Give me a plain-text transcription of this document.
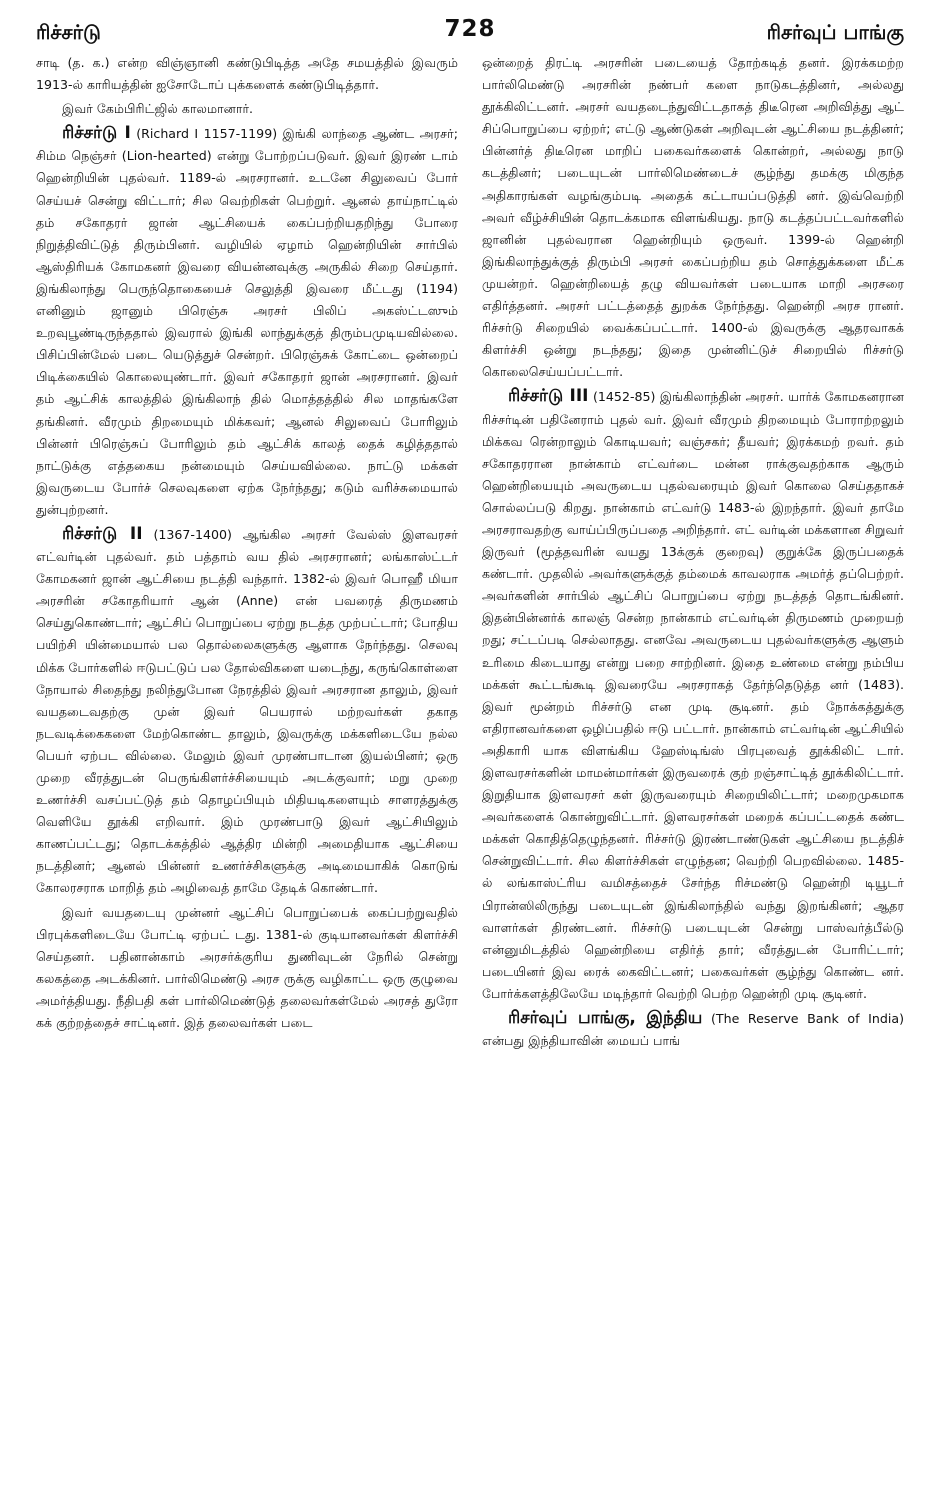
ரிச்சர்டு	728	ரிசர்வுப் பாங்கு

சாடி (த. க.) என்ற விஞ்ஞானி கண்டுபிடித்த அதே சமயத்தில் இவரும் 1913-ல் காரியத்தின் ஐசோடோப் புக்களைக் கண்டுபிடித்தார்.

இவர் கேம்பிரிட்ஜில் காலமானார்.

ரிச்சர்டு I (Richard I 1157-1199) இங்கி லாந்தை ஆண்ட அரசர்; சிம்ம நெஞ்சர் (Lion-hearted) என்று போற்றப்படுவர். இவர் இரண் டாம் ஹென்றியின் புதல்வர். 1189-ல் அரசரானர். உடனே சிலுவைப் போர் செய்யச் சென்று விட்டார்; சில வெற்றிகள் பெற்றுர். ஆனல் தாய்நாட்டில் தம் சகோதரர் ஜான் ஆட்சியைக் கைப்பற்றியதறிந்து போரை நிறுத்திவிட்டுத் திரும்பினர். வழியில் ஏழாம் ஹென்றியின் சார்பில் ஆஸ்திரியக் கோமகனர் இவரை வியன்னவுக்கு அருகில் சிறை செய்தார். இங்கிலாந்து பெருந்தொகையைச் செலுத்தி இவரை மீட்டது (1194) எனினும் ஜானும் பிரெஞ்சு அரசர் பிலிப் அகஸ்ட்டஸும் உறவுபூண்டிருந்ததால் இவரால் இங்கி லாந்துக்குத் திரும்பமுடியவில்லை. பிசிப்பின்மேல் படை யெடுத்துச் சென்றர். பிரெஞ்சுக் கோட்டை ஒன்றைப் பிடிக்கையில் கொலையுண்டார். இவர் சகோதரர் ஜான் அரசரானர். இவர் தம் ஆட்சிக் காலத்தில் இங்கிலாந் தில் மொத்தத்தில் சில மாதங்களே தங்கினர். வீரமும் திறமையும் மிக்கவர்; ஆனல் சிலுவைப் போரிலும் பின்னர் பிரெஞ்சுப் போரிலும் தம் ஆட்சிக் காலத் தைக் கழித்ததால் நாட்டுக்கு எத்தகைய நன்மையும் செய்யவில்லை. நாட்டு மக்கள் இவருடைய போர்ச் செலவுகளை ஏற்க நேர்ந்தது; கடும் வரிச்சுமையால் துன்புற்றனர்.

ரிச்சர்டு II (1367-1400) ஆங்கில அரசர் வேல்ஸ் இளவரசர் எட்வர்டின் புதல்வர். தம் பத்தாம் வய தில் அரசரானர்; லங்காஸ்ட்டர் கோமகனர் ஜான் ஆட்சியை நடத்தி வந்தார். 1382-ல் இவர் பொஹீ மியா அரசரின் சகோதரியார் ஆன் (Anne) என் பவரைத் திருமணம் செய்துகொண்டார்; ஆட்சிப் பொறுப்பை ஏற்று நடத்த முற்பட்டார்; போதிய பயிற்சி யின்மையால் பல தொல்லைகளுக்கு ஆளாக நேர்ந்தது. செலவு மிக்க போர்களில் ஈடுபட்டுப் பல தோல்விகளை யடைந்து, கருங்கொள்ளை நோயால் சிதைந்து நலிந்துபோன நேரத்தில் இவர் அரசரான தாலும், இவர் வயதடைவதற்கு முன் இவர் பெயரால் மற்றவர்கள் தகாத நடவடிக்கைகளை மேற்கொண்ட தாலும், இவருக்கு மக்களிடையே நல்ல பெயர் ஏற்பட வில்லை. மேலும் இவர் முரண்பாடான இயல்பினர்; ஒரு முறை வீரத்துடன் பெருங்கிளர்ச்சியையும் அடக்குவார்; மறு முறை உணர்ச்சி வசப்பட்டுத் தம் தொழப்பியும் மிதியடிகளையும் சாளரத்துக்கு வெளியே தூக்கி எறிவார். இம் முரண்பாடு இவர் ஆட்சியிலும் காணப்பட்டது; தொடக்கத்தில் ஆத்திர மின்றி அமைதியாக ஆட்சியை நடத்தினர்; ஆனல் பின்னர் உணர்ச்சிகளுக்கு அடிமையாகிக் கொடுங் கோலரசராக மாறித் தம் அழிவைத் தாமே தேடிக் கொண்டார்.

இவர் வயதடையு முன்னர் ஆட்சிப் பொறுப்பைக் கைப்பற்றுவதில் பிரபுக்களிடையே போட்டி ஏற்பட் டது. 1381-ல் குடியானவர்கள் கிளர்ச்சி செய்தனர். பதினான்காம் அரசர்க்குரிய துணிவுடன் நேரில் சென்று கலகத்தை அடக்கினர். பார்லிமெண்டு அரச ருக்கு வழிகாட்ட ஒரு குழுவை அமர்த்தியது. நீதிபதி கள் பார்லிமெண்டுத் தலைவர்கள்மேல் அரசத் துரோ கக் குற்றத்தைச் சாட்டினர். இத் தலைவர்கள் படை

ஒன்றைத் திரட்டி அரசரின் படையைத் தோற்கடித் தனர். இரக்கமற்ற பார்லிமெண்டு அரசரின் நண்பர் களை நாடுகடத்தினர், அல்லது தூக்கிலிட்டனர். அரசர் வயதடைந்துவிட்டதாகத் திடீரென அறிவித்து ஆட் சிப்பொறுப்பை ஏற்றர்; எட்டு ஆண்டுகள் அறிவுடன் ஆட்சியை நடத்தினர்; பின்னர்த் திடீரென மாறிப் பகைவர்களைக் கொன்றர், அல்லது நாடு கடத்தினர்; படையுடன் பார்லிமெண்டைச் சூழ்ந்து தமக்கு மிகுந்த அதிகாரங்கள் வழங்கும்படி அதைக் கட்டாயப்படுத்தி னர். இவ்வெற்றி அவர் வீழ்ச்சியின் தொடக்கமாக விளங்கியது. நாடு கடத்தப்பட்டவர்களில் ஜானின் புதல்வரான ஹென்றியும் ஒருவர். 1399-ல் ஹென்றி இங்கிலாந்துக்குத் திரும்பி அரசர் கைப்பற்றிய தம் சொத்துக்களை மீட்க முயன்றர். ஹென்றியைத் தழு வியவர்கள் படையாக மாறி அரசரை எதிர்த்தனர். அரசர் பட்டத்தைத் துறக்க நேர்ந்தது. ஹென்றி அரச ரானர். ரிச்சர்டு சிறையில் வைக்கப்பட்டார். 1400-ல் இவருக்கு ஆதரவாகக் கிளர்ச்சி ஒன்று நடந்தது; இதை முன்னிட்டுச் சிறையில் ரிச்சர்டு கொலைசெய்யப்பட்டார்.

ரிச்சர்டு III (1452-85) இங்கிலாந்தின் அரசர். யார்க் கோமகனரான ரிச்சர்டின் பதினேராம் புதல் வர். இவர் வீரமும் திறமையும் போராற்றலும் மிக்கவ ரென்றாலும் கொடியவர்; வஞ்சகர்; தீயவர்; இரக்கமற் றவர். தம் சகோதரரான நான்காம் எட்வர்டை மன்ன ராக்குவதற்காக ஆரும் ஹென்றியையும் அவருடைய புதல்வரையும் இவர் கொலை செய்ததாகச் சொல்லப்படு கிறது. நான்காம் எட்வர்டு 1483-ல் இறந்தார். இவர் தாமே அரசராவதற்கு வாய்ப்பிருப்பதை அறிந்தார். எட் வர்டின் மக்களான சிறுவர் இருவர் (மூத்தவரின் வயது 13க்குக் குறைவு) குறுக்கே இருப்பதைக் கண்டார். முதலில் அவர்களுக்குத் தம்மைக் காவலராக அமர்த் தப்பெற்றர். அவர்களின் சார்பில் ஆட்சிப் பொறுப்பை ஏற்று நடத்தத் தொடங்கினர். இதன்பின்னர்க் காலஞ் சென்ற நான்காம் எட்வர்டின் திருமணம் முறையற் றது; சட்டப்படி செல்லாதது. எனவே அவருடைய புதல்வர்களுக்கு ஆளும் உரிமை கிடையாது என்று பறை சாற்றினர். இதை உண்மை என்று நம்பிய மக்கள் கூட்டங்கூடி இவரையே அரசராகத் தேர்ந்தெடுத்த னர் (1483). இவர் மூன்றம் ரிச்சர்டு என முடி சூடினர். தம் நோக்கத்துக்கு எதிரானவர்களை ஒழிப்பதில் ஈடு பட்டார். நான்காம் எட்வர்டின் ஆட்சியில் அதிகாரி யாக விளங்கிய ஹேஸ்டிங்ஸ் பிரபுவைத் தூக்கிலிட் டார். இளவரசர்களின் மாமன்மார்கள் இருவரைக் குற் றஞ்சாட்டித் தூக்கிலிட்டார். இறுதியாக இளவரசர் கள் இருவரையும் சிறையிலிட்டார்; மறைமுகமாக அவர்களைக் கொன்றுவிட்டார். இளவரசர்கள் மறைக் கப்பட்டதைக் கண்ட மக்கள் கொதித்தெழுந்தனர். ரிச்சர்டு இரண்டாண்டுகள் ஆட்சியை நடத்திச் சென்றுவிட்டார். சில கிளர்ச்சிகள் எழுந்தன; வெற்றி பெறவில்லை. 1485-ல் லங்காஸ்ட்ரிய வமிசத்தைச் சேர்ந்த ரிச்மண்டு ஹென்றி டியூடர் பிரான்ஸிலிருந்து படையுடன் இங்கிலாந்தில் வந்து இறங்கினர்; ஆதர வாளர்கள் திரண்டனர். ரிச்சர்டு படையுடன் சென்று பாஸ்வர்த்பீல்டு என்னுமிடத்தில் ஹென்றியை எதிர்த் தார்; வீரத்துடன் போரிட்டார்; படையினர் இவ ரைக் கைவிட்டனர்; பகைவர்கள் சூழ்ந்து கொண்ட னர். போர்க்களத்திலேயே மடிந்தார் வெற்றி பெற்ற ஹென்றி முடி சூடினர்.

ரிசர்வுப் பாங்கு, இந்திய (The Reserve Bank of India) என்பது இந்தியாவின் மையப் பாங்
